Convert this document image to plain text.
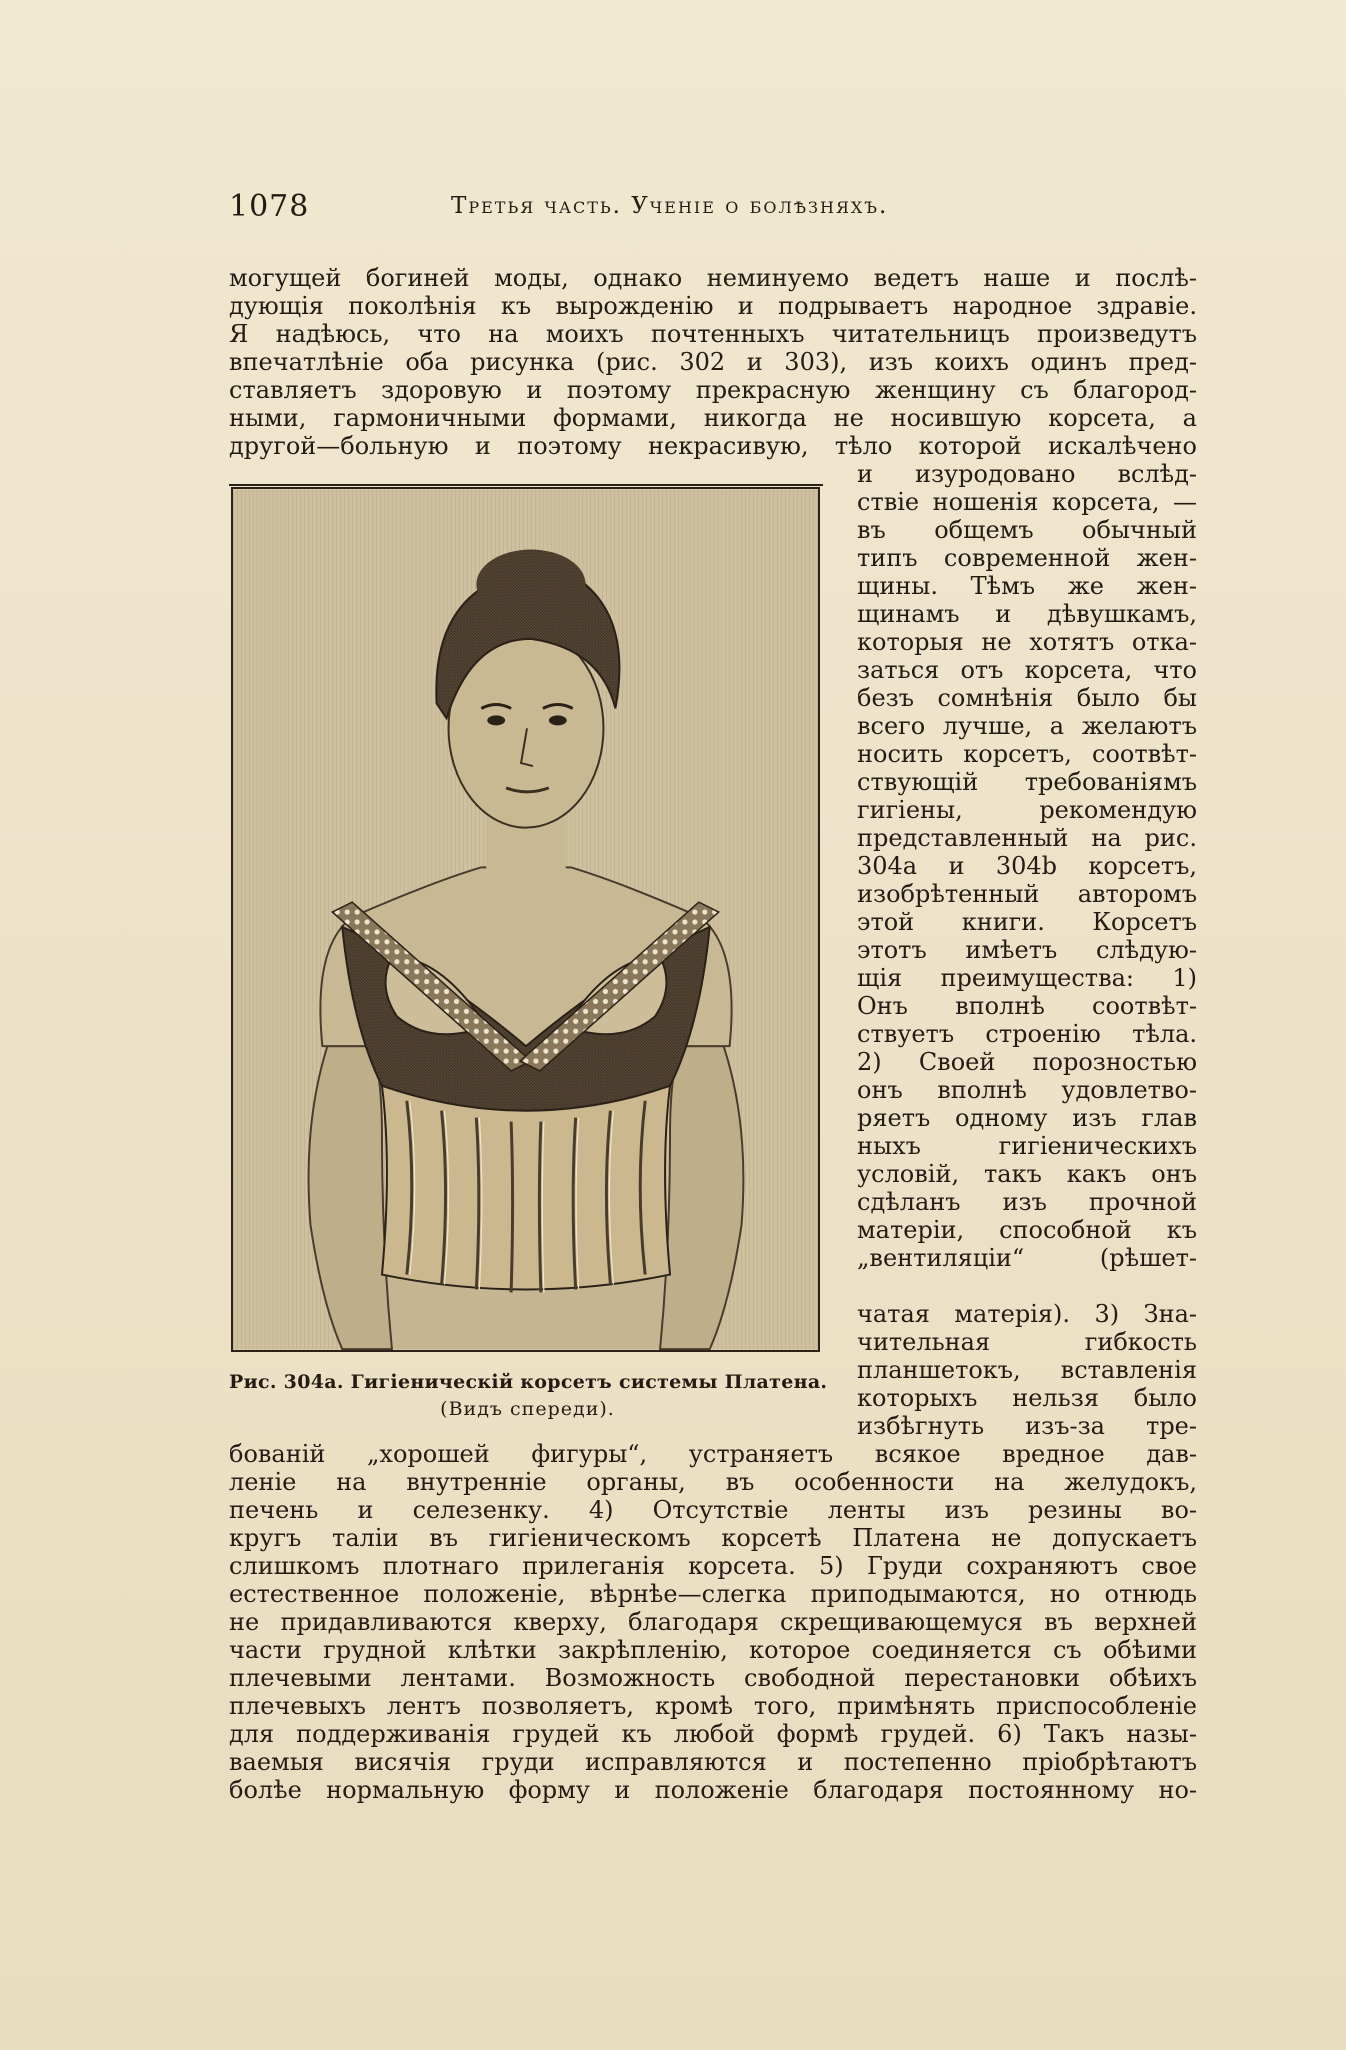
1078	Третья часть. Ученіе о болѣзняхъ.
могущей богиней моды, однако неминуемо ведетъ наше и послѣ-
дующія поколѣнія къ вырожденію и подрываетъ народное здравіе.
Я надѣюсь, что на моихъ почтенныхъ читательницъ произведутъ
впечатлѣніе оба рисунка (рис. 302 и 303), изъ коихъ одинъ пред-
ставляетъ здоровую и поэтому прекрасную женщину съ благород-
ными, гармоничными формами, никогда не носившую корсета, а
другой—больную и поэтому некрасивую, тѣло которой искалѣчено
и изуродовано вслѣд-
ствіе ношенія корсета, —
въ общемъ обычный
типъ современной жен-
щины. Тѣмъ же жен-
щинамъ и дѣвушкамъ,
которыя не хотятъ отка-
заться отъ корсета, что
безъ сомнѣнія было бы
всего лучше, а желаютъ
носить корсетъ, соотвѣт-
ствующій требованіямъ
гигіены, рекомендую
представленный на рис.
304a и 304b корсетъ,
изобрѣтенный авторомъ
этой книги. Корсетъ
этотъ имѣетъ слѣдую-
щія преимущества: 1)
Онъ вполнѣ соотвѣт-
ствуетъ строенію тѣла.
2) Своей порозностью
онъ вполнѣ удовлетво-
ряетъ одному изъ глав
ныхъ гигіеническихъ
условій, такъ какъ онъ
сдѣланъ изъ прочной
матеріи, способной къ
„вентиляціи“ (рѣшет-
чатая матерія). 3) Зна-
чительная гибкость
планшетокъ, вставленія
которыхъ нельзя было
избѣгнуть изъ-за тре-
Рис. 304a. Гигіеническій корсетъ системы Платена.
(Видъ спереди).
бованій „хорошей фигуры“, устраняетъ всякое вредное дав-
леніе на внутренніе органы, въ особенности на желудокъ,
печень и селезенку. 4) Отсутствіе ленты изъ резины во-
кругъ таліи въ гигіеническомъ корсетѣ Платена не допускаетъ
слишкомъ плотнаго прилеганія корсета. 5) Груди сохраняютъ свое
естественное положеніе, вѣрнѣе—слегка приподымаются, но отнюдь
не придавливаются кверху, благодаря скрещивающемуся въ верхней
части грудной клѣтки закрѣпленію, которое соединяется съ обѣими
плечевыми лентами. Возможность свободной перестановки обѣихъ
плечевыхъ лентъ позволяетъ, кромѣ того, примѣнять приспособленіе
для поддерживанія грудей къ любой формѣ грудей. 6) Такъ назы-
ваемыя висячія груди исправляются и постепенно пріобрѣтаютъ
болѣе нормальную форму и положеніе благодаря постоянному но-
